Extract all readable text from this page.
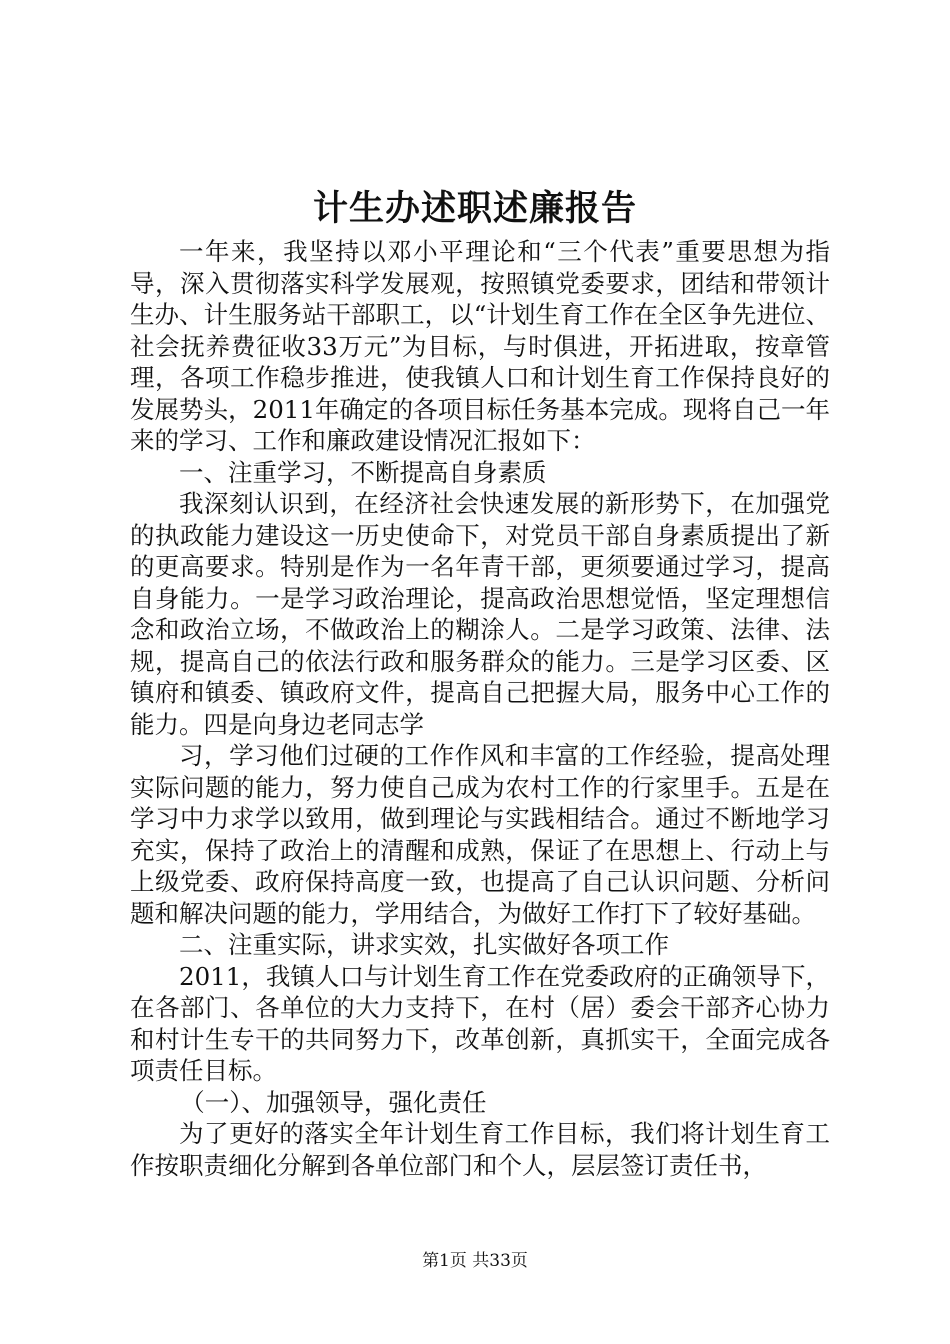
计生办述职述廉报告

一年来，我坚持以邓小平理论和“三个代表”重要思想为指导，深入贯彻落实科学发展观，按照镇党委要求，团结和带领计生办、计生服务站干部职工，以“计划生育工作在全区争先进位、社会抚养费征收33万元”为目标，与时俱进，开拓进取，按章管理，各项工作稳步推进，使我镇人口和计划生育工作保持良好的发展势头，2011年确定的各项目标任务基本完成。现将自己一年来的学习、工作和廉政建设情况汇报如下：

一、注重学习，不断提高自身素质

我深刻认识到，在经济社会快速发展的新形势下，在加强党的执政能力建设这一历史使命下，对党员干部自身素质提出了新的更高要求。特别是作为一名年青干部，更须要通过学习，提高自身能力。一是学习政治理论，提高政治思想觉悟，坚定理想信念和政治立场，不做政治上的糊涂人。二是学习政策、法律、法规，提高自己的依法行政和服务群众的能力。三是学习区委、区镇府和镇委、镇政府文件，提高自己把握大局，服务中心工作的能力。四是向身边老同志学

习，学习他们过硬的工作作风和丰富的工作经验，提高处理实际问题的能力，努力使自己成为农村工作的行家里手。五是在学习中力求学以致用，做到理论与实践相结合。通过不断地学习充实，保持了政治上的清醒和成熟，保证了在思想上、行动上与上级党委、政府保持高度一致，也提高了自己认识问题、分析问题和解决问题的能力，学用结合，为做好工作打下了较好基础。

二、注重实际，讲求实效，扎实做好各项工作

2011，我镇人口与计划生育工作在党委政府的正确领导下，在各部门、各单位的大力支持下，在村（居）委会干部齐心协力和村计生专干的共同努力下，改革创新，真抓实干，全面完成各项责任目标。

（一）、加强领导，强化责任

为了更好的落实全年计划生育工作目标，我们将计划生育工作按职责细化分解到各单位部门和个人，层层签订责任书，

第1页 共33页
